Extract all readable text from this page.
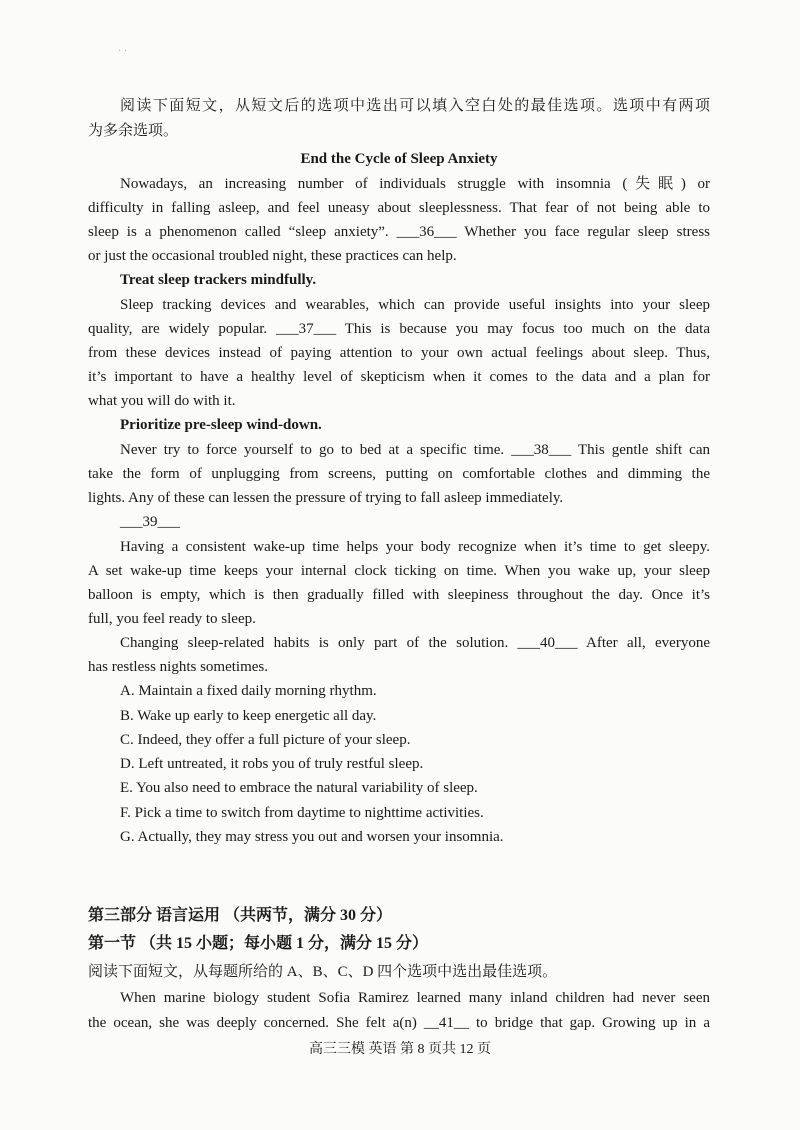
· ·
阅读下面短文，从短文后的选项中选出可以填入空白处的最佳选项。选项中有两项
为多余选项。
End the Cycle of Sleep Anxiety
Nowadays, an increasing number of individuals struggle with insomnia (失眠) or
difficulty in falling asleep, and feel uneasy about sleeplessness. That fear of not being able to
sleep is a phenomenon called “sleep anxiety”. ___36___ Whether you face regular sleep stress
or just the occasional troubled night, these practices can help.
Treat sleep trackers mindfully.
Sleep tracking devices and wearables, which can provide useful insights into your sleep
quality, are widely popular. ___37___ This is because you may focus too much on the data
from these devices instead of paying attention to your own actual feelings about sleep. Thus,
it’s important to have a healthy level of skepticism when it comes to the data and a plan for
what you will do with it.
Prioritize pre-sleep wind-down.
Never try to force yourself to go to bed at a specific time. ___38___ This gentle shift can
take the form of unplugging from screens, putting on comfortable clothes and dimming the
lights. Any of these can lessen the pressure of trying to fall asleep immediately.
___39___
Having a consistent wake-up time helps your body recognize when it’s time to get sleepy.
A set wake-up time keeps your internal clock ticking on time. When you wake up, your sleep
balloon is empty, which is then gradually filled with sleepiness throughout the day. Once it’s
full, you feel ready to sleep.
Changing sleep-related habits is only part of the solution. ___40___ After all, everyone
has restless nights sometimes.
A. Maintain a fixed daily morning rhythm.
B. Wake up early to keep energetic all day.
C. Indeed, they offer a full picture of your sleep.
D. Left untreated, it robs you of truly restful sleep.
E. You also need to embrace the natural variability of sleep.
F. Pick a time to switch from daytime to nighttime activities.
G. Actually, they may stress you out and worsen your insomnia.
第三部分 语言运用 （共两节，满分 30 分）
第一节 （共 15 小题；每小题 1 分，满分 15 分）
阅读下面短文，从每题所给的 A、B、C、D 四个选项中选出最佳选项。
When marine biology student Sofia Ramirez learned many inland children had never seen
the ocean, she was deeply concerned. She felt a(n) __41__ to bridge that gap. Growing up in a
高三三模 英语 第 8 页共 12 页
